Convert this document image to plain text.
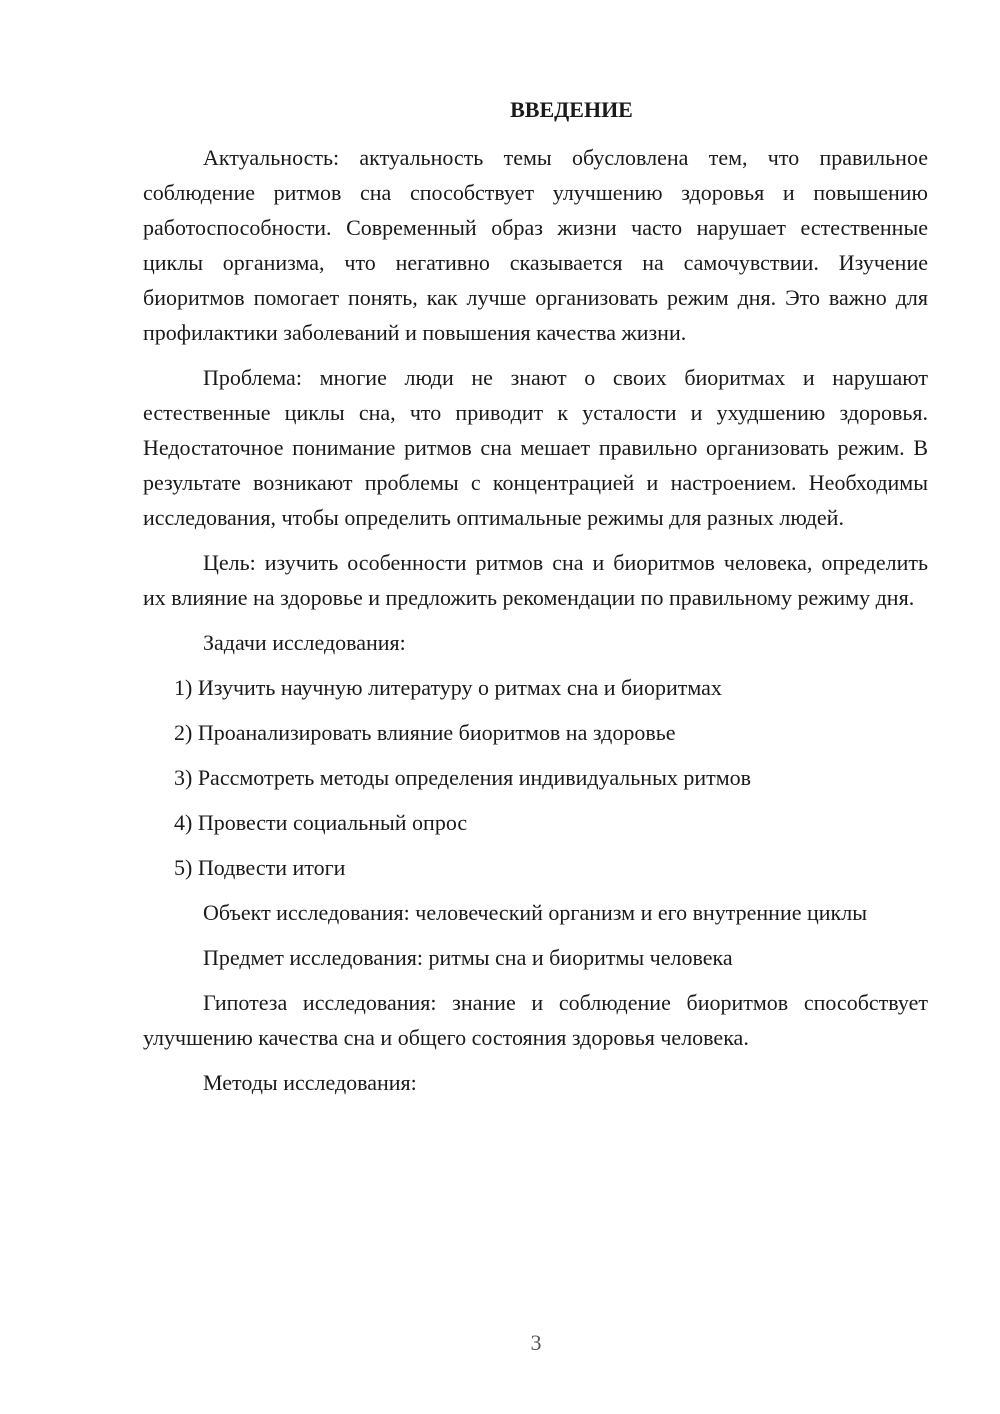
ВВЕДЕНИЕ

Актуальность: актуальность темы обусловлена тем, что правильное соблюдение ритмов сна способствует улучшению здоровья и повышению работоспособности. Современный образ жизни часто нарушает естественные циклы организма, что негативно сказывается на самочувствии. Изучение биоритмов помогает понять, как лучше организовать режим дня. Это важно для профилактики заболеваний и повышения качества жизни.

Проблема: многие люди не знают о своих биоритмах и нарушают естественные циклы сна, что приводит к усталости и ухудшению здоровья. Недостаточное понимание ритмов сна мешает правильно организовать режим. В результате возникают проблемы с концентрацией и настроением. Необходимы исследования, чтобы определить оптимальные режимы для разных людей.

Цель: изучить особенности ритмов сна и биоритмов человека, определить их влияние на здоровье и предложить рекомендации по правильному режиму дня.

Задачи исследования:

1) Изучить научную литературу о ритмах сна и биоритмах
2) Проанализировать влияние биоритмов на здоровье
3) Рассмотреть методы определения индивидуальных ритмов
4) Провести социальный опрос
5) Подвести итоги

Объект исследования: человеческий организм и его внутренние циклы

Предмет исследования: ритмы сна и биоритмы человека

Гипотеза исследования: знание и соблюдение биоритмов способствует улучшению качества сна и общего состояния здоровья человека.

Методы исследования:

3
